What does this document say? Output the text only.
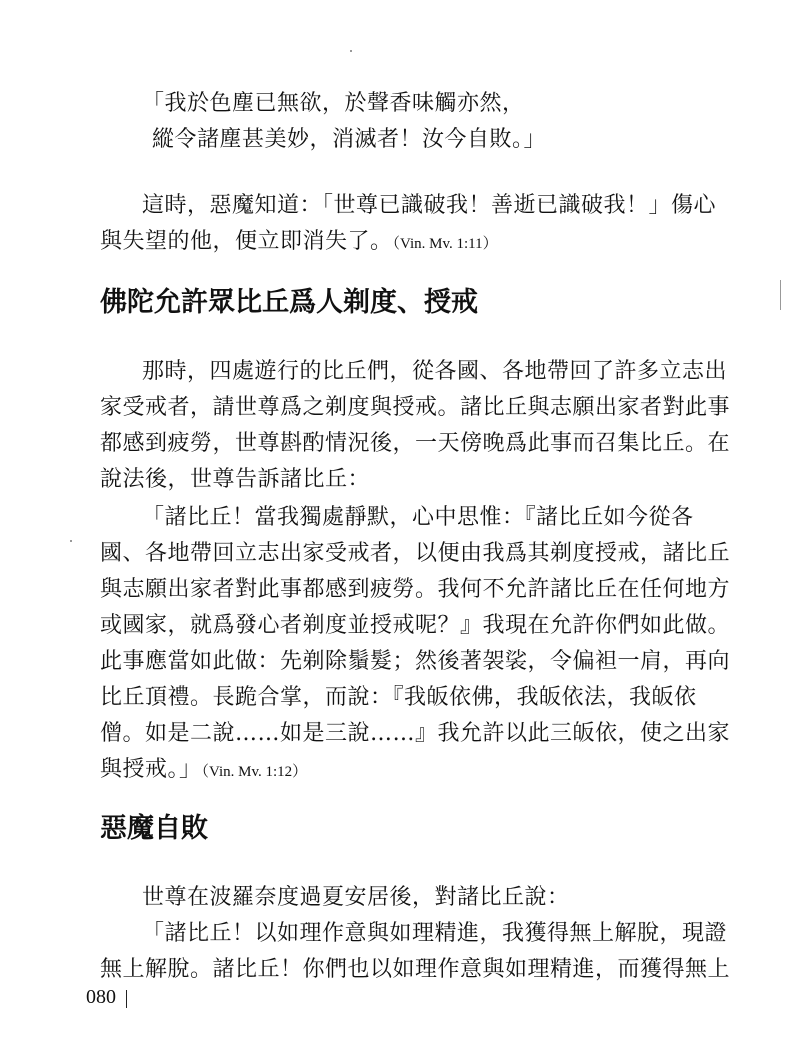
「我於色塵已無欲，於聲香味觸亦然，
縱令諸塵甚美妙，消滅者！汝今自敗。」
這時，惡魔知道：「世尊已識破我！善逝已識破我！」傷心
與失望的他，便立即消失了。（Vin. Mv. 1:11）
佛陀允許眾比丘爲人剃度、授戒
那時，四處遊行的比丘們，從各國、各地帶回了許多立志出
家受戒者，請世尊爲之剃度與授戒。諸比丘與志願出家者對此事
都感到疲勞，世尊斟酌情況後，一天傍晚爲此事而召集比丘。在
說法後，世尊告訴諸比丘：
「諸比丘！當我獨處靜默，心中思惟：『諸比丘如今從各
國、各地帶回立志出家受戒者，以便由我爲其剃度授戒，諸比丘
與志願出家者對此事都感到疲勞。我何不允許諸比丘在任何地方
或國家，就爲發心者剃度並授戒呢？』我現在允許你們如此做。
此事應當如此做：先剃除鬚髮；然後著袈裟，令偏袒一肩，再向
比丘頂禮。長跪合掌，而說：『我皈依佛，我皈依法，我皈依
僧。如是二說……如是三說……』我允許以此三皈依，使之出家
與授戒。」（Vin. Mv. 1:12）
惡魔自敗
世尊在波羅奈度過夏安居後，對諸比丘說：
「諸比丘！以如理作意與如理精進，我獲得無上解脫，現證
無上解脫。諸比丘！你們也以如理作意與如理精進，而獲得無上
080
